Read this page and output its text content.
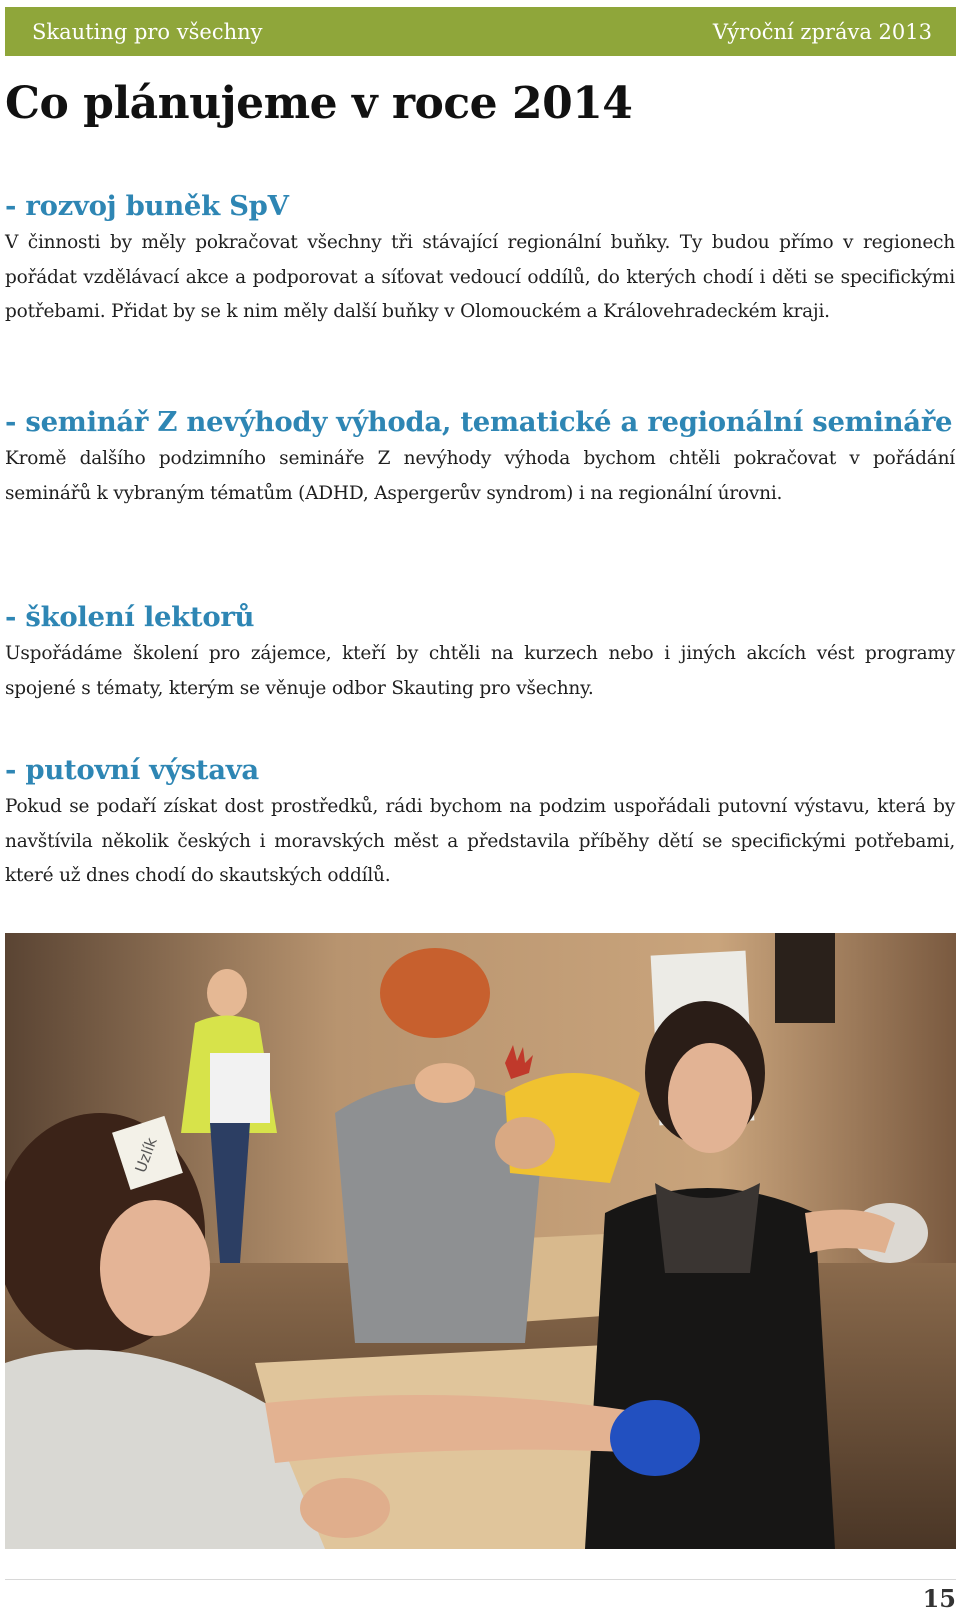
Skauting pro všechny	Výroční zpráva 2013
Co plánujeme v roce 2014
- rozvoj buněk SpV

V činnosti by měly pokračovat všechny tři stávající regionální buňky. Ty budou přímo v regionech pořádat vzdělávací akce a podporovat a síťovat vedoucí oddílů, do kterých chodí i děti se specifickými potřebami. Přidat by se k nim měly další buňky v Olomouckém a Královehradeckém kraji.

- seminář Z nevýhody výhoda, tematické a regionální semináře

Kromě dalšího podzimního semináře Z nevýhody výhoda bychom chtěli pokračovat v pořádání seminářů k vybraným tématům (ADHD, Aspergerův syndrom) i na regionální úrovni.

- školení lektorů

Uspořádáme školení pro zájemce, kteří by chtěli na kurzech nebo i jiných akcích vést programy spojené s tématy, kterým se věnuje odbor Skauting pro všechny.

- putovní výstava

Pokud se podaří získat dost prostředků, rádi bychom na podzim uspořádali putovní výstavu, která by navštívila několik českých i moravských měst a představila příběhy dětí se specifickými potřebami, které už dnes chodí do skautských oddílů.

Uzlík
15
